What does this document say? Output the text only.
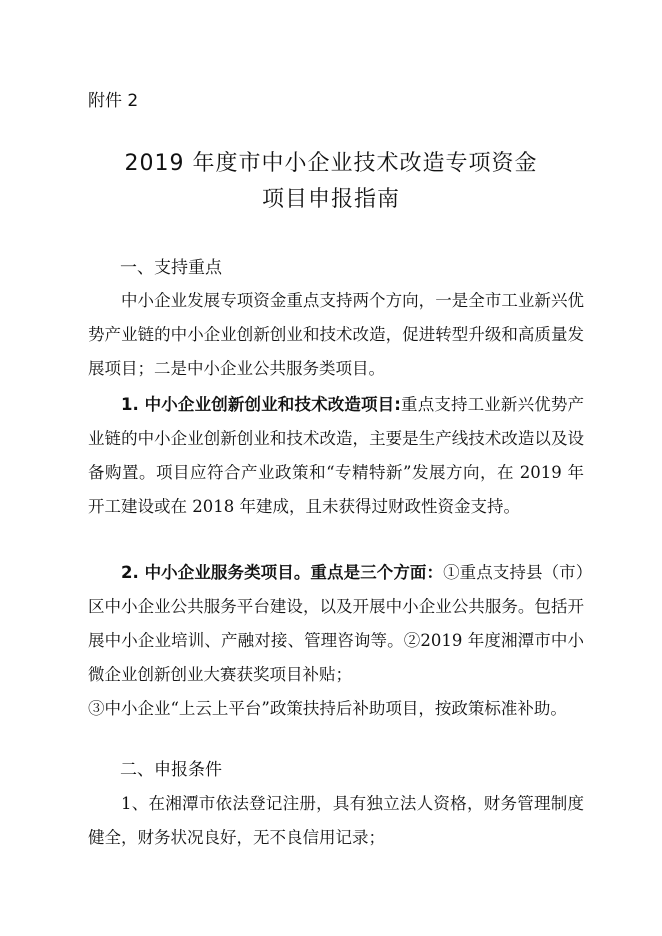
附件 2

2019 年度市中小企业技术改造专项资金
项目申报指南
一、支持重点

中小企业发展专项资金重点支持两个方向，一是全市工业新兴优势产业链的中小企业创新创业和技术改造，促进转型升级和高质量发展项目；二是中小企业公共服务类项目。

1. 中小企业创新创业和技术改造项目:重点支持工业新兴优势产业链的中小企业创新创业和技术改造，主要是生产线技术改造以及设备购置。项目应符合产业政策和“专精特新”发展方向，在 2019 年开工建设或在 2018 年建成，且未获得过财政性资金支持。

2. 中小企业服务类项目。重点是三个方面：①重点支持县（市）区中小企业公共服务平台建设，以及开展中小企业公共服务。包括开展中小企业培训、产融对接、管理咨询等。②2019 年度湘潭市中小微企业创新创业大赛获奖项目补贴；
③中小企业“上云上平台”政策扶持后补助项目，按政策标准补助。

二、申报条件

1、在湘潭市依法登记注册，具有独立法人资格，财务管理制度健全，财务状况良好，无不良信用记录；
